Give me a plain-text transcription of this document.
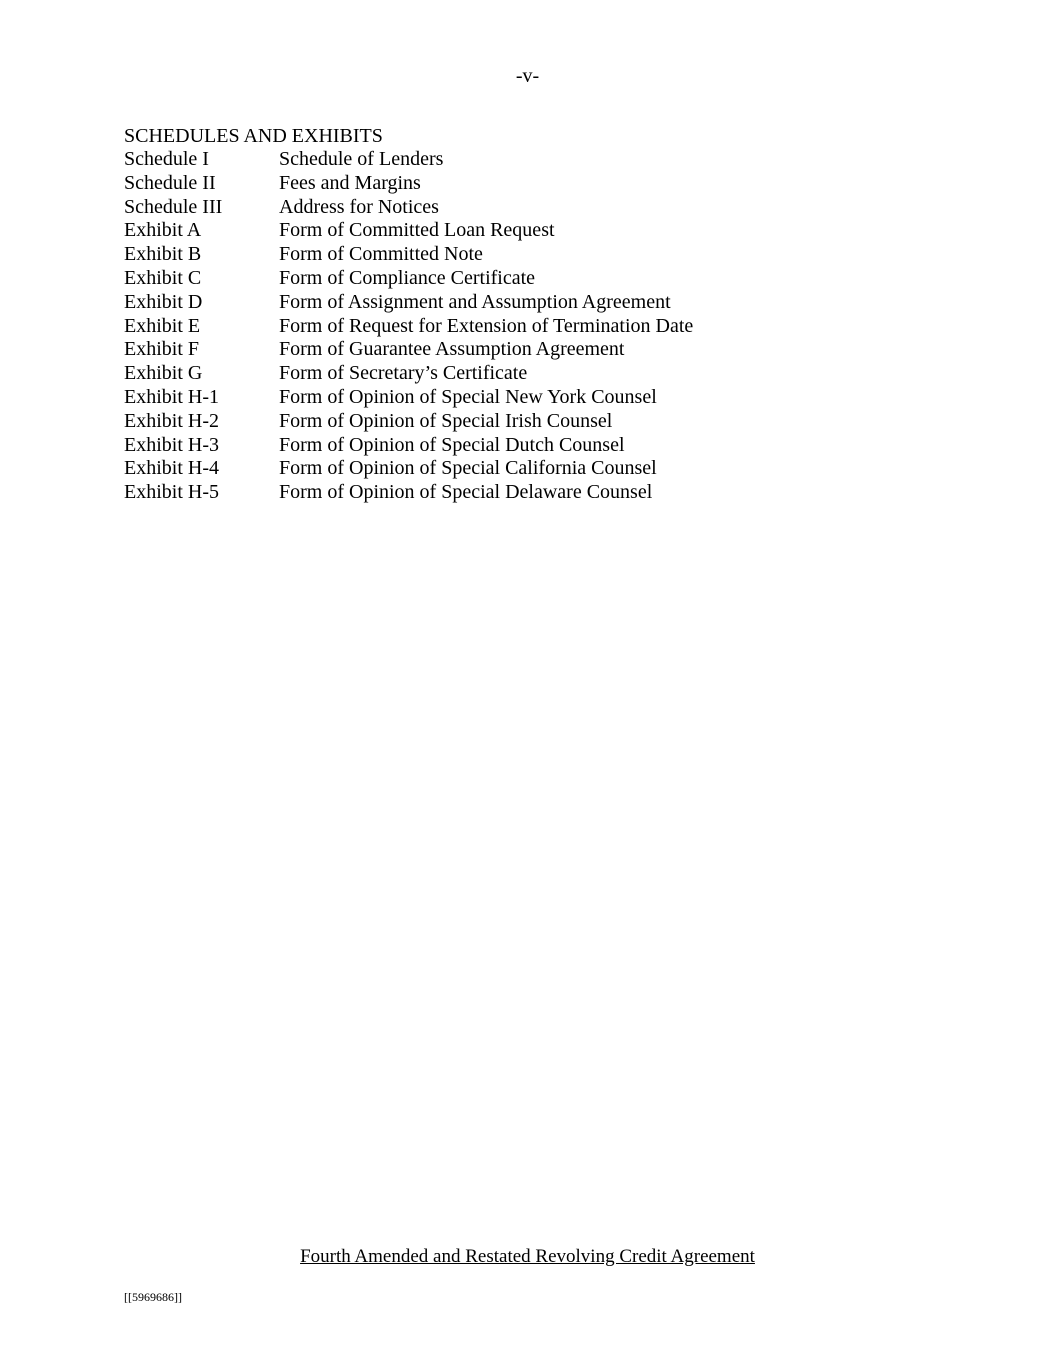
-v-
SCHEDULES AND EXHIBITS
Schedule I	Schedule of Lenders
Schedule II	Fees and Margins
Schedule III	Address for Notices
Exhibit A	Form of Committed Loan Request
Exhibit B	Form of Committed Note
Exhibit C	Form of Compliance Certificate
Exhibit D	Form of Assignment and Assumption Agreement
Exhibit E	Form of Request for Extension of Termination Date
Exhibit F	Form of Guarantee Assumption Agreement
Exhibit G	Form of Secretary’s Certificate
Exhibit H-1	Form of Opinion of Special New York Counsel
Exhibit H-2	Form of Opinion of Special Irish Counsel
Exhibit H-3	Form of Opinion of Special Dutch Counsel
Exhibit H-4	Form of Opinion of Special California Counsel
Exhibit H-5	Form of Opinion of Special Delaware Counsel
Fourth Amended and Restated Revolving Credit Agreement
[[5969686]]
